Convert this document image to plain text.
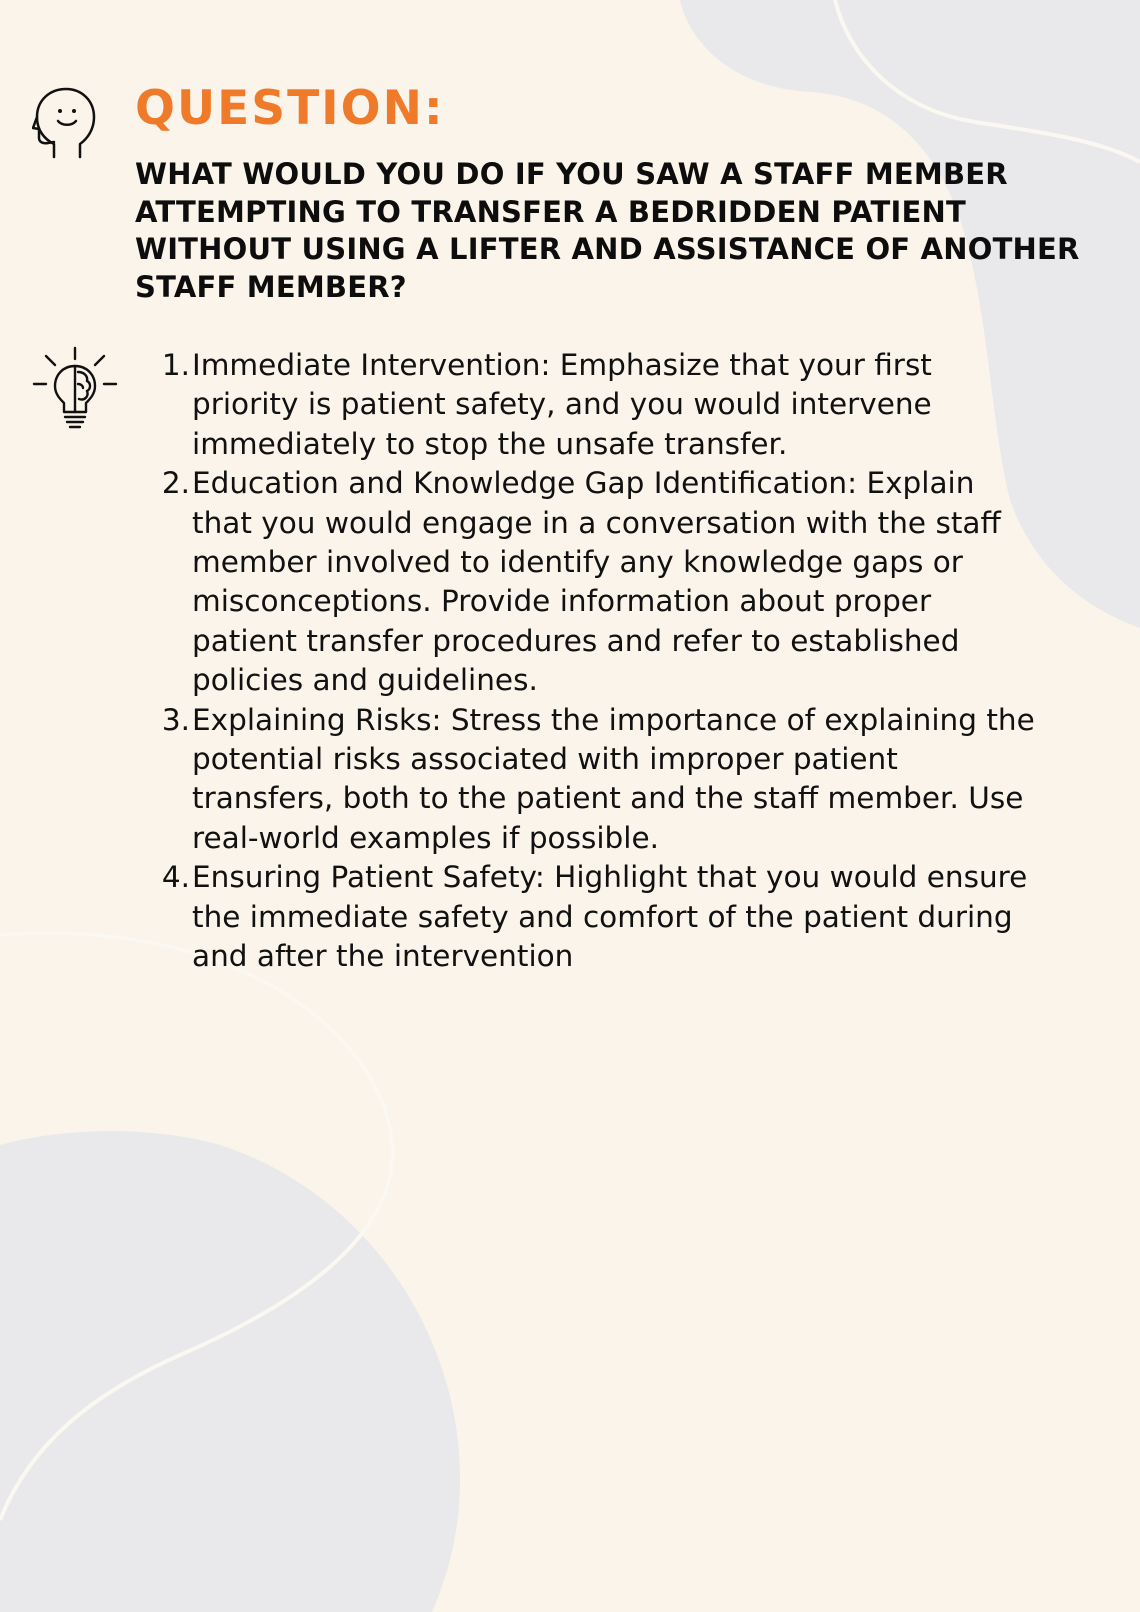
QUESTION:

WHAT WOULD YOU DO IF YOU SAW A STAFF MEMBER ATTEMPTING TO TRANSFER A BEDRIDDEN PATIENT WITHOUT USING A LIFTER AND ASSISTANCE OF ANOTHER STAFF MEMBER?

1. Immediate Intervention: Emphasize that your first priority is patient safety, and you would intervene immediately to stop the unsafe transfer.
2. Education and Knowledge Gap Identification: Explain that you would engage in a conversation with the staff member involved to identify any knowledge gaps or misconceptions. Provide information about proper patient transfer procedures and refer to established policies and guidelines.
3. Explaining Risks: Stress the importance of explaining the potential risks associated with improper patient transfers, both to the patient and the staff member. Use real-world examples if possible.
4. Ensuring Patient Safety: Highlight that you would ensure the immediate safety and comfort of the patient during and after the intervention
